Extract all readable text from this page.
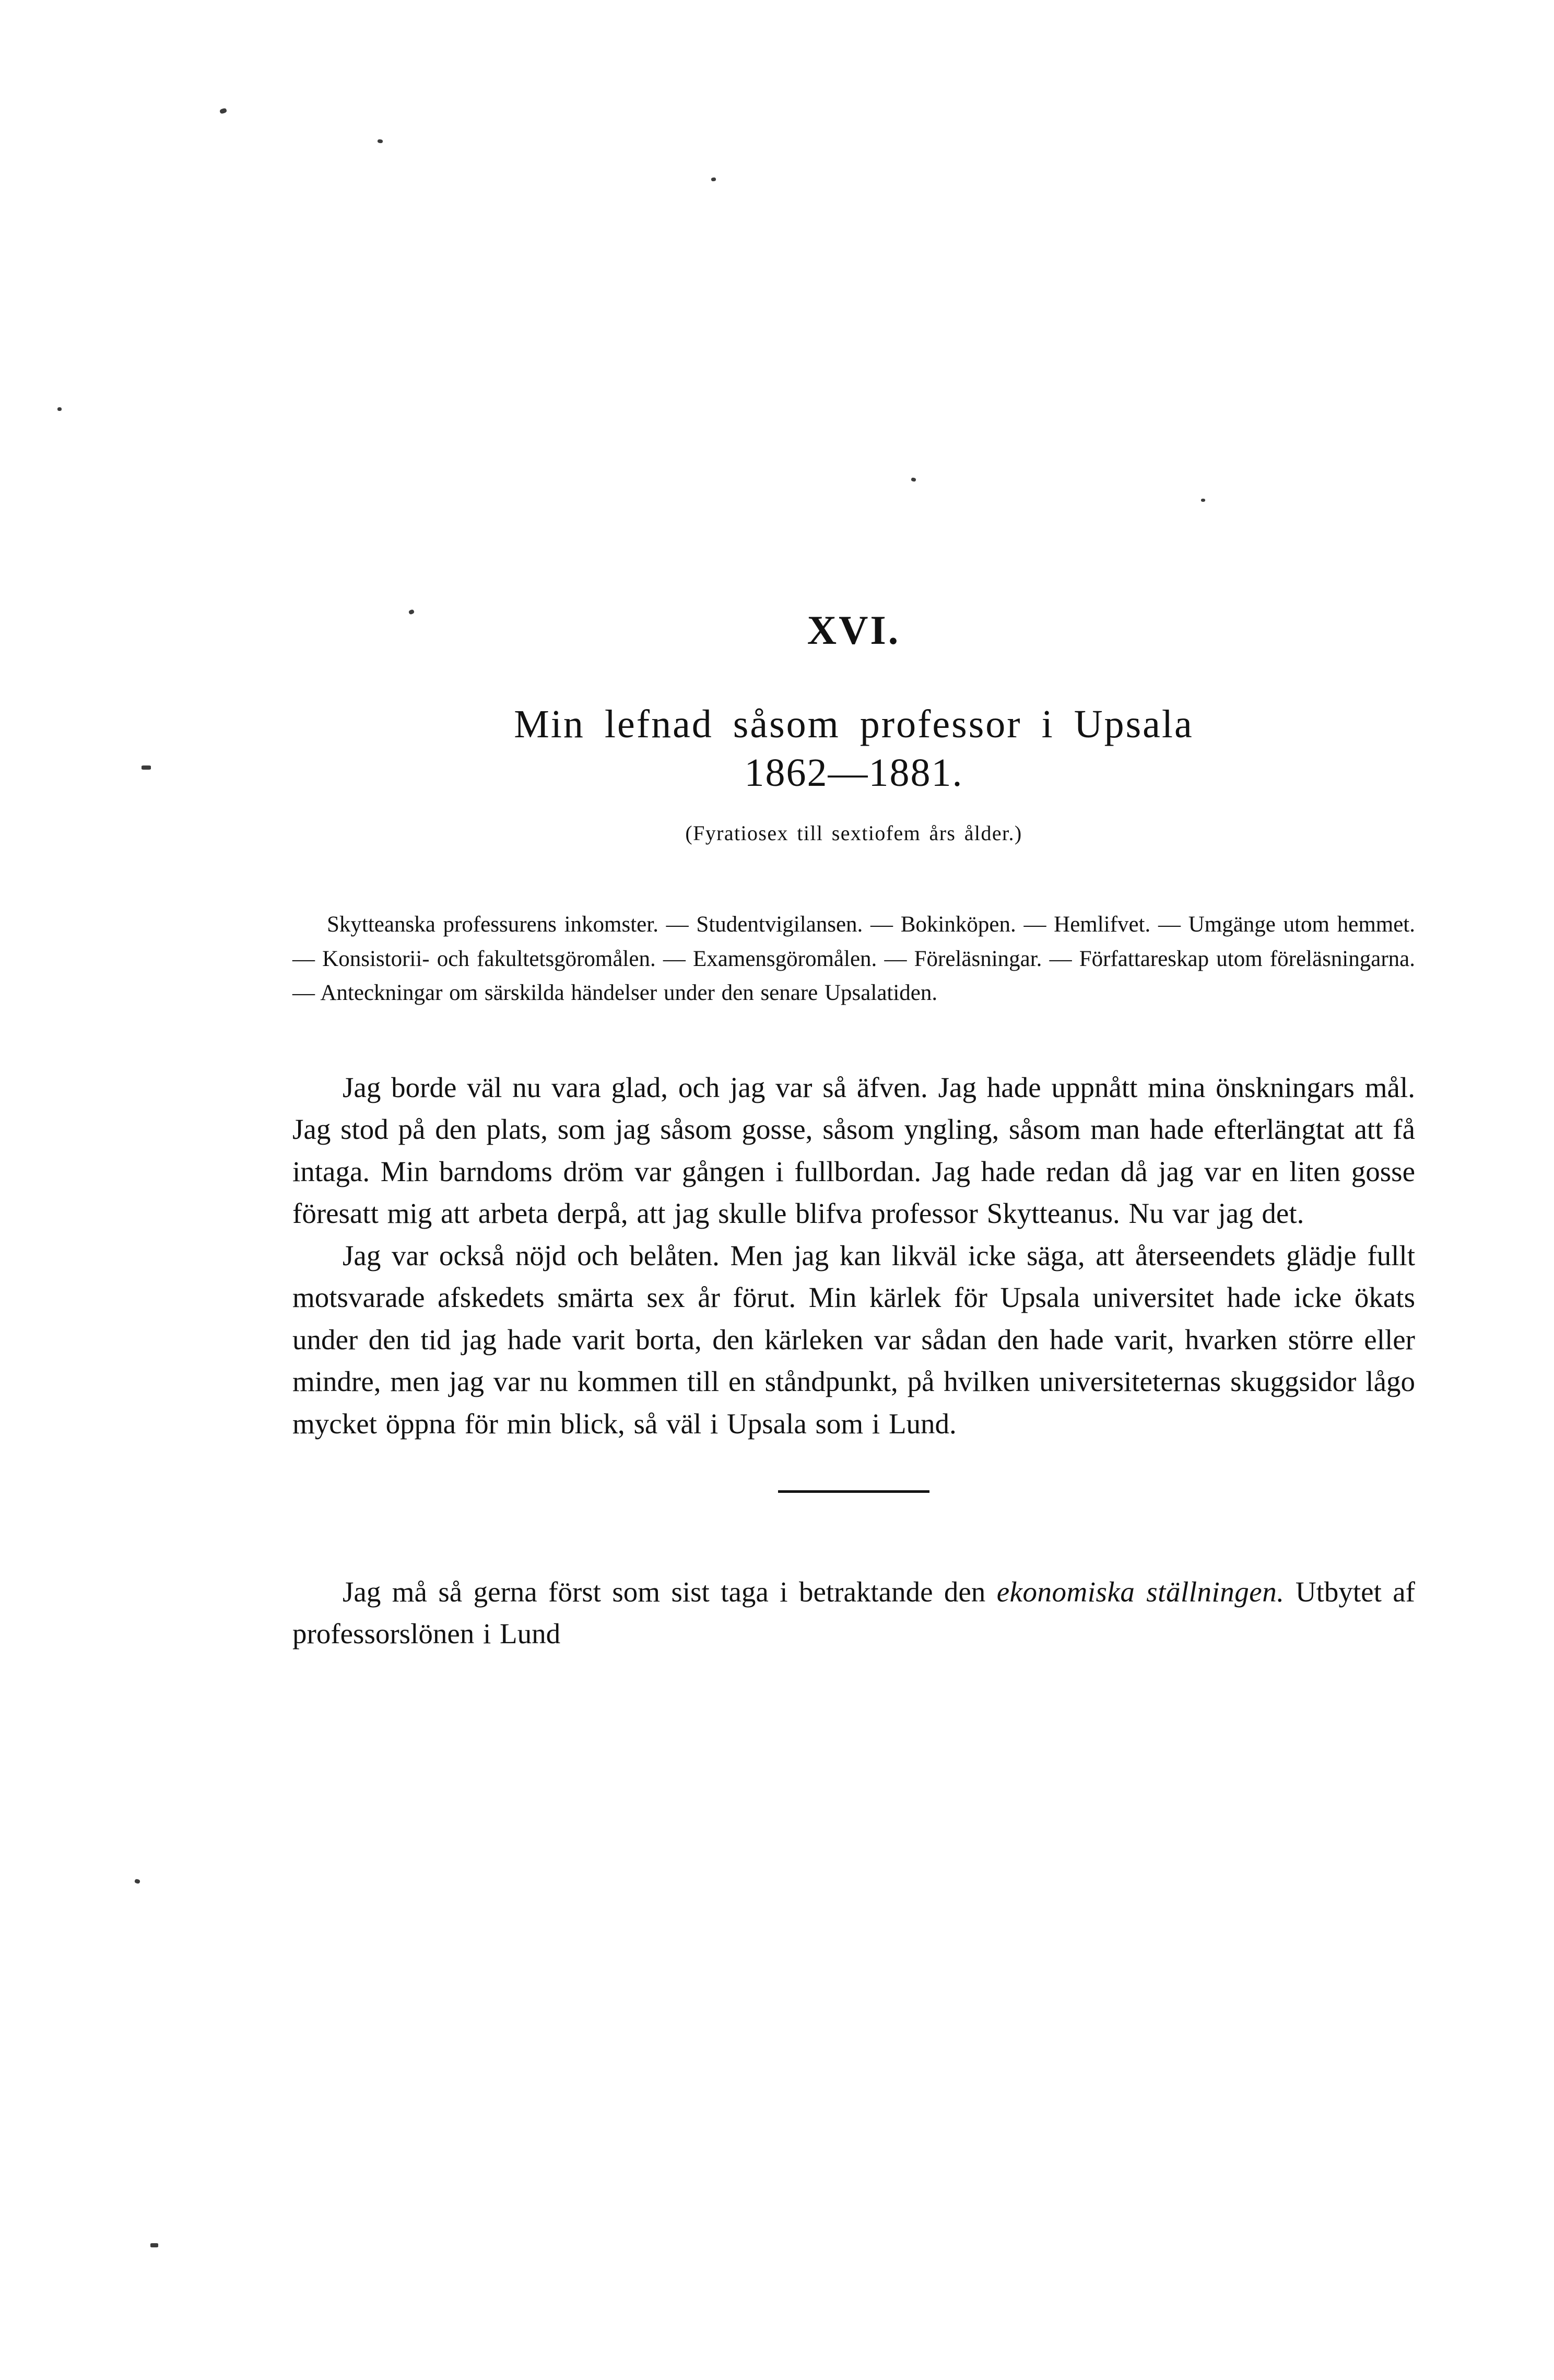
XVI.
Min lefnad såsom professor i Upsala
1862—1881.

(Fyratiosex till sextiofem års ålder.)

Skytteanska professurens inkomster. — Studentvigilansen. — Bokinköpen. — Hemlifvet. — Umgänge utom hemmet. — Konsistorii- och fakultetsgöromålen. — Examensgöromålen. — Föreläsningar. — Författareskap utom föreläsningarna. — Anteckningar om särskilda händelser under den senare Upsalatiden.

Jag borde väl nu vara glad, och jag var så äfven. Jag hade uppnått mina önskningars mål. Jag stod på den plats, som jag såsom gosse, såsom yngling, såsom man hade efterlängtat att få intaga. Min barndoms dröm var gången i fullbordan. Jag hade redan då jag var en liten gosse föresatt mig att arbeta derpå, att jag skulle blifva professor Skytteanus. Nu var jag det.

Jag var också nöjd och belåten. Men jag kan likväl icke säga, att återseendets glädje fullt motsvarade afskedets smärta sex år förut. Min kärlek för Upsala universitet hade icke ökats under den tid jag hade varit borta, den kärleken var sådan den hade varit, hvarken större eller mindre, men jag var nu kommen till en ståndpunkt, på hvilken universiteternas skuggsidor lågo mycket öppna för min blick, så väl i Upsala som i Lund.

Jag må så gerna först som sist taga i betraktande den ekonomiska ställningen. Utbytet af professorslönen i Lund
